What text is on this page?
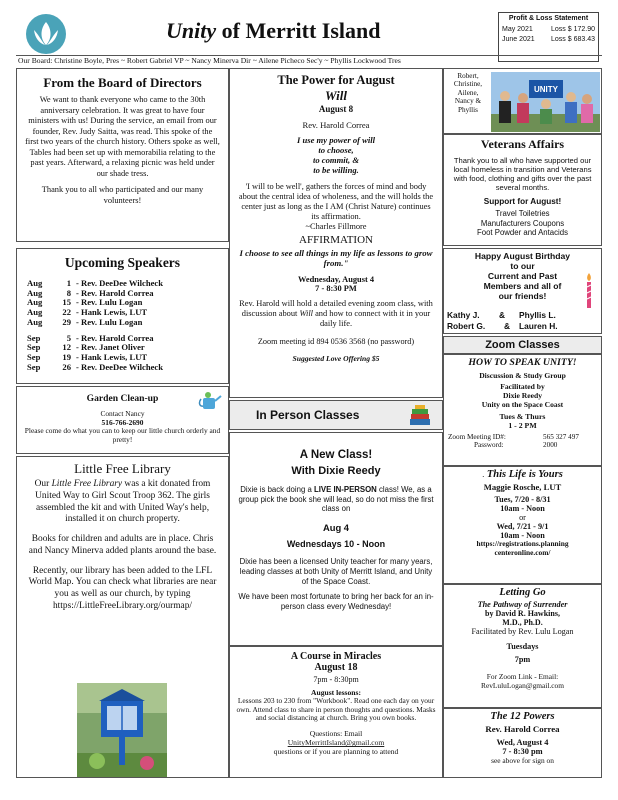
Unity of Merritt Island	Profit & Loss Statement
May 2021	Loss $ 172.90
June 2021 Loss $ 683.43
Our Board: Christine Boyle, Pres ~ Robert Gabriel VP ~ Nancy Minerva Dir ~ Ailene Picheco Sec'y ~ Phyllis Lockwood Tres
From the Board of Directors

We want to thank everyone who came to the 30th anniversary celebration. It was great to have four ministers with us! During the service, an email from our founder, Rev. Judy Saitta, was read. This spoke of the first two years of the church history. Others spoke as well, Tables had been set up with memorabilia relating to the past years. Afterward, a relaxing picnic was held under our shade tress.

Thank you to all who participated and our many volunteers!

Upcoming Speakers
Aug	1 - Rev. DeeDee Wilcheck
Aug	8 - Rev. Harold Correa
Aug	15 - Rev. Lulu Logan
Aug	22 - Hank Lewis, LUT
Aug	29 - Rev. Lulu Logan
Sep	5 - Rev. Harold Correa
Sep	12 - Rev. Janet Oliver
Sep	19 - Hank Lewis, LUT
Sep	26 - Rev. DeeDee Wilcheck
Garden Clean-up
Contact Nancy
516-766-2690
Please come do what you can to keep our little church orderly and pretty!
Little Free Library

Our Little Free Library was a kit donated from United Way to Girl Scout Troop 362. The girls assembled the kit and with United Way's help, installed it on church property.

Books for children and adults are in place. Chris and Nancy Minerva added plants around the base.

Recently, our library has been added to the LFL World Map. You can check what libraries are near you as well as our church, by typing https://LittleFreeLibrary.org/ourmap/

The Power for August
Will
August 8
Rev. Harold Correa
I use my power of will
to choose,
to commit, &
to be willing.

'I will to be well', gathers the forces of mind and body about the central idea of wholeness, and the will holds the center just as long as the I AM (Christ Nature) continues its affirmation.

~Charles Fillmore
AFFIRMATION

I choose to see all things in my life as lessons to grow from."

Wednesday, August 4
7 - 8:30 PM

Rev. Harold will hold a detailed evening zoom class, with discussion about Will and how to connect with it in your daily life.

Zoom meeting id 894 0536 3568 (no password)
Suggested Love Offering $5
In Person Classes
A New Class!
With Dixie Reedy

Dixie is back doing a LIVE IN-PERSON class! We, as a group pick the book she will lead, so do not miss the first class on

Aug 4
Wednesdays 10 - Noon

Dixie has been a licensed Unity teacher for many years, leading classes at both Unity of Merritt Island, and Unity of the Space Coast.

We have been most fortunate to bring her back for an in-person class every Wednesday!

A Course in Miracles
August 18
7pm - 8:30pm
August lessons:

Lessons 203 to 230 from "Workbook". Read one each day on your own. Attend class to share in person thoughts and questions. Masks and social distancing at church. Bring you own books.

Questions: Email
UnityMerrittIsland@gmail.com
questions or if you are planning to attend
Robert,
Christine,
Ailene,
Nancy &
Phyllis
UNITY
Veterans Affairs

Thank you to all who have supported our local homeless in transition and Veterans with food, clothing and gifts over the past several months.

Support for August!
Travel Toiletries
Manufacturers Coupons
Foot Powder and Antacids
Happy August Birthday
to our
Current and Past
Members and all of
our friends!
Kathy J.	&	Phyllis L.
Robert G.	&	Lauren H.
Zoom Classes
HOW TO SPEAK UNITY!
Discussion & Study Group
Facilitated by
Dixie Reedy
Unity on the Space Coast
Tues & Thurs
1 - 2 PM
Zoom Meeting ID#:	565 327 497
Password:	2000
. This Life is Yours
Maggie Rosche, LUT
Tues, 7/20 - 8/31
10am - Noon
or
Wed, 7/21 - 9/1
10am - Noon
https://registrations.planning centeronline.com/
Letting Go
The Pathway of Surrender
by David R. Hawkins,
M.D., Ph.D.
Facilitated by Rev. Lulu Logan
Tuesdays
7pm
For Zoom Link - Email:
RevLuluLogan@gmail.com
The 12 Powers
Rev. Harold Correa
Wed, August 4
7 - 8:30 pm
see above for sign on
